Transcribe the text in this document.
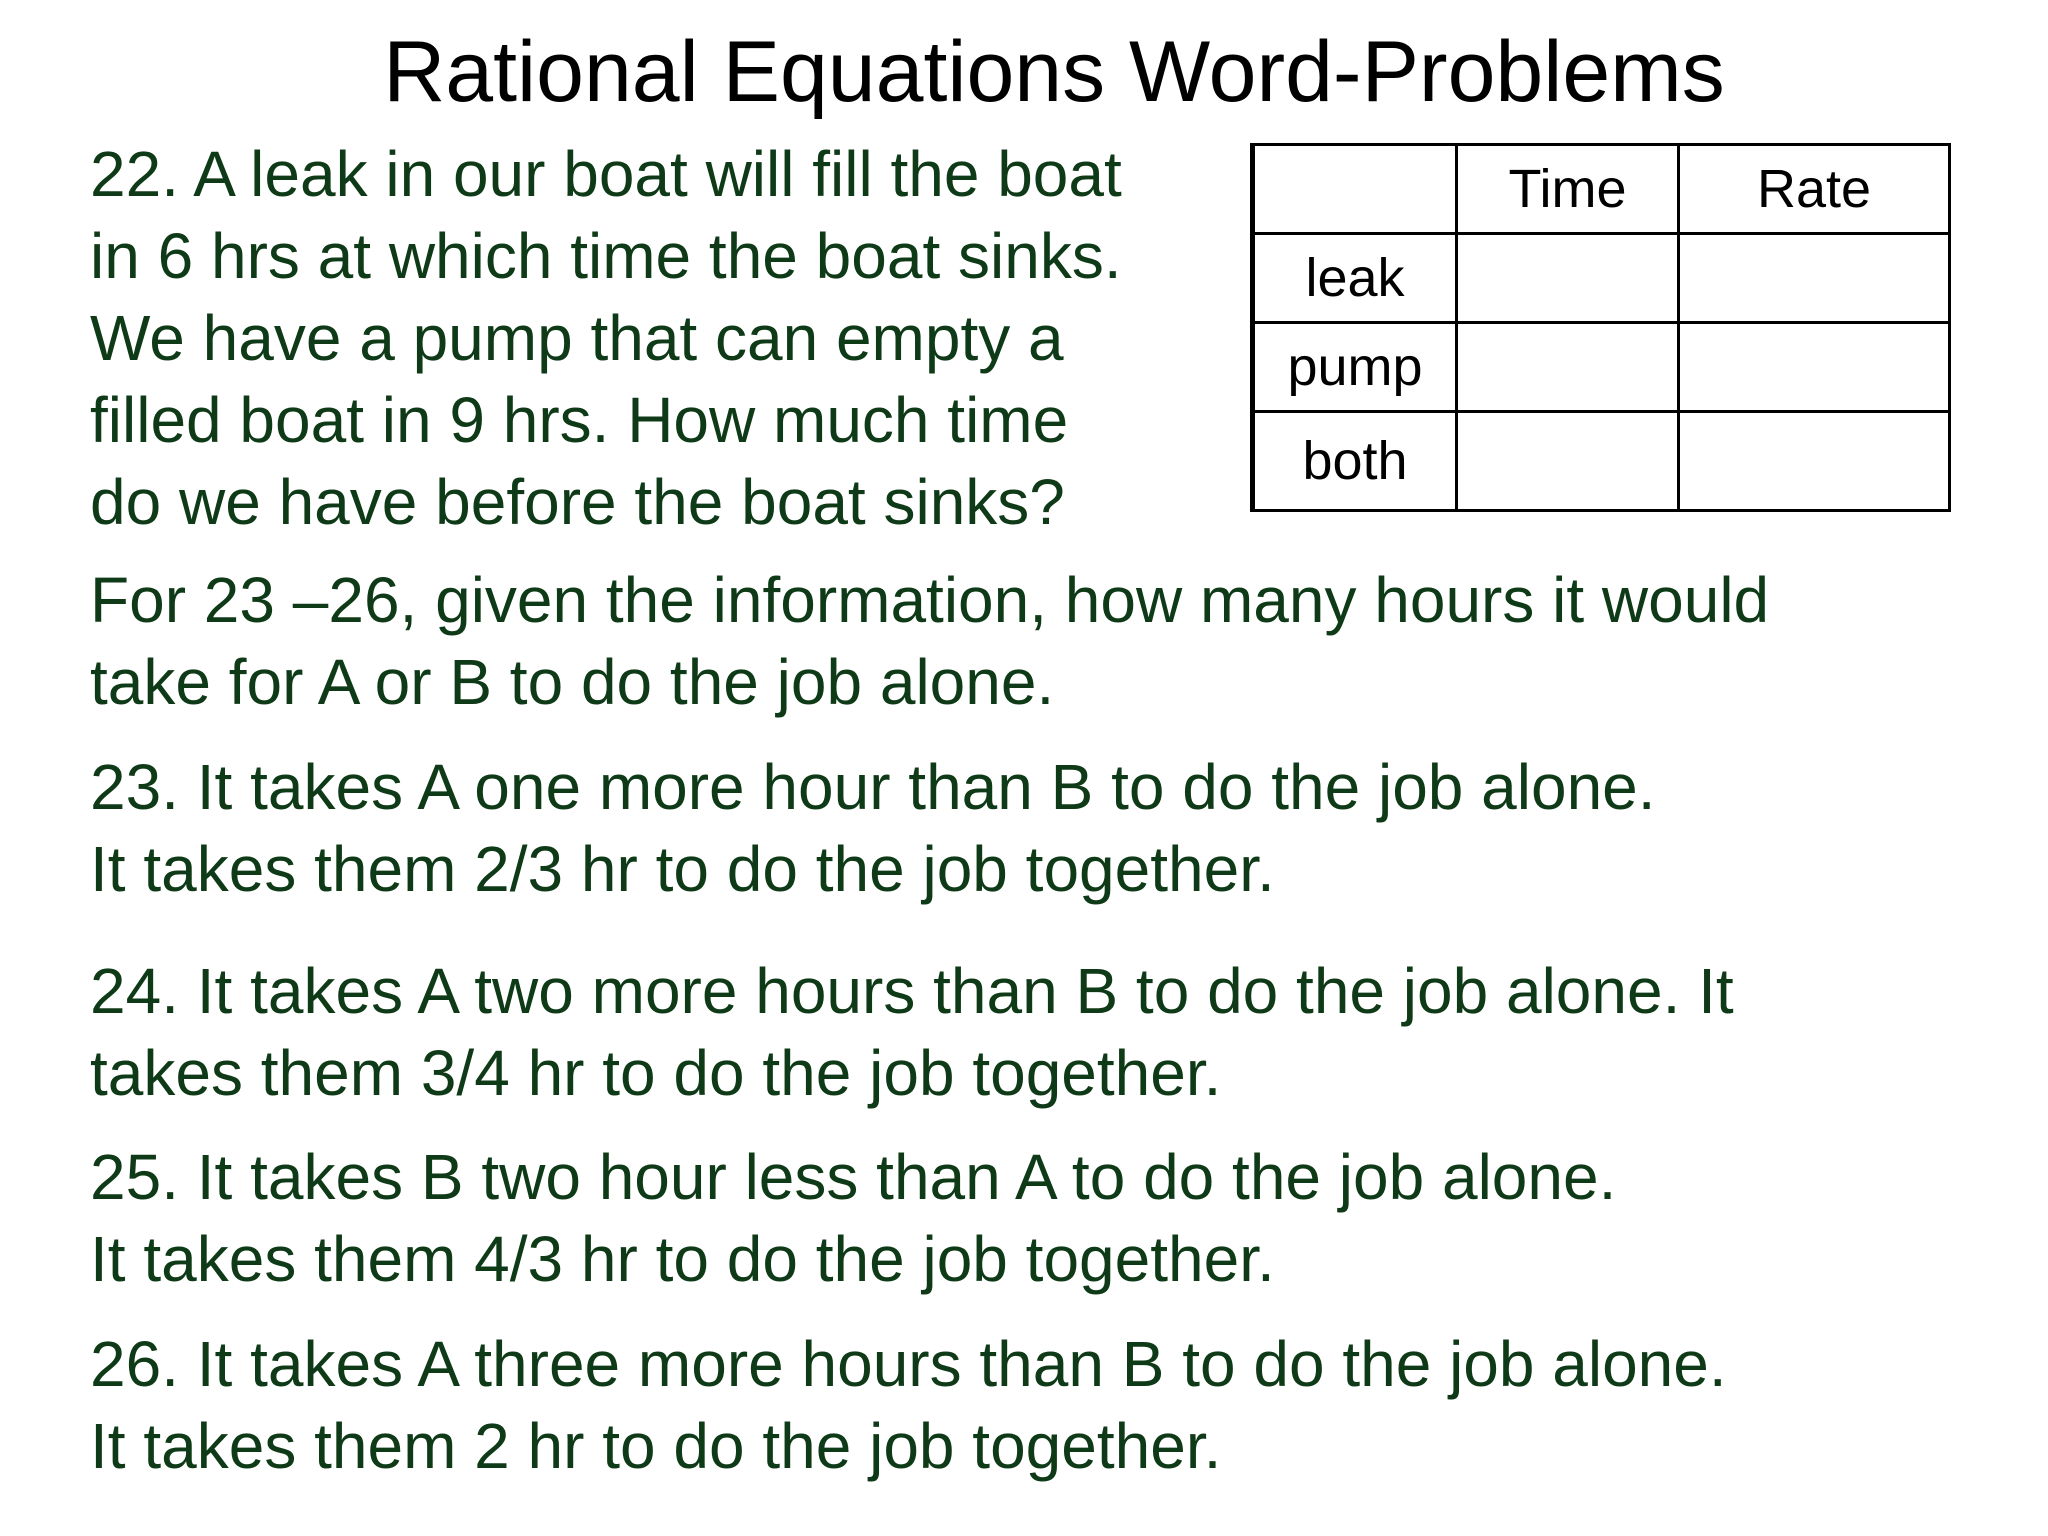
Rational Equations Word-Problems
22. A leak in our boat will fill the boat
in 6 hrs at which time the boat sinks.
We have a pump that can empty a
filled boat in 9 hrs. How much time
do we have before the boat sinks?
	Time	Rate
leak		
pump		
both		
For 23 –26, given the information, how many hours it would
take for A or B to do the job alone.
23. It takes A one more hour than B to do the job alone.
It takes them 2/3 hr to do the job together.
24. It takes A two more hours than B to do the job alone. It
takes them 3/4 hr to do the job together.
25. It takes B two hour less than A to do the job alone.
It takes them 4/3 hr to do the job together.
26. It takes A three more hours than B to do the job alone.
It takes them 2 hr to do the job together.
